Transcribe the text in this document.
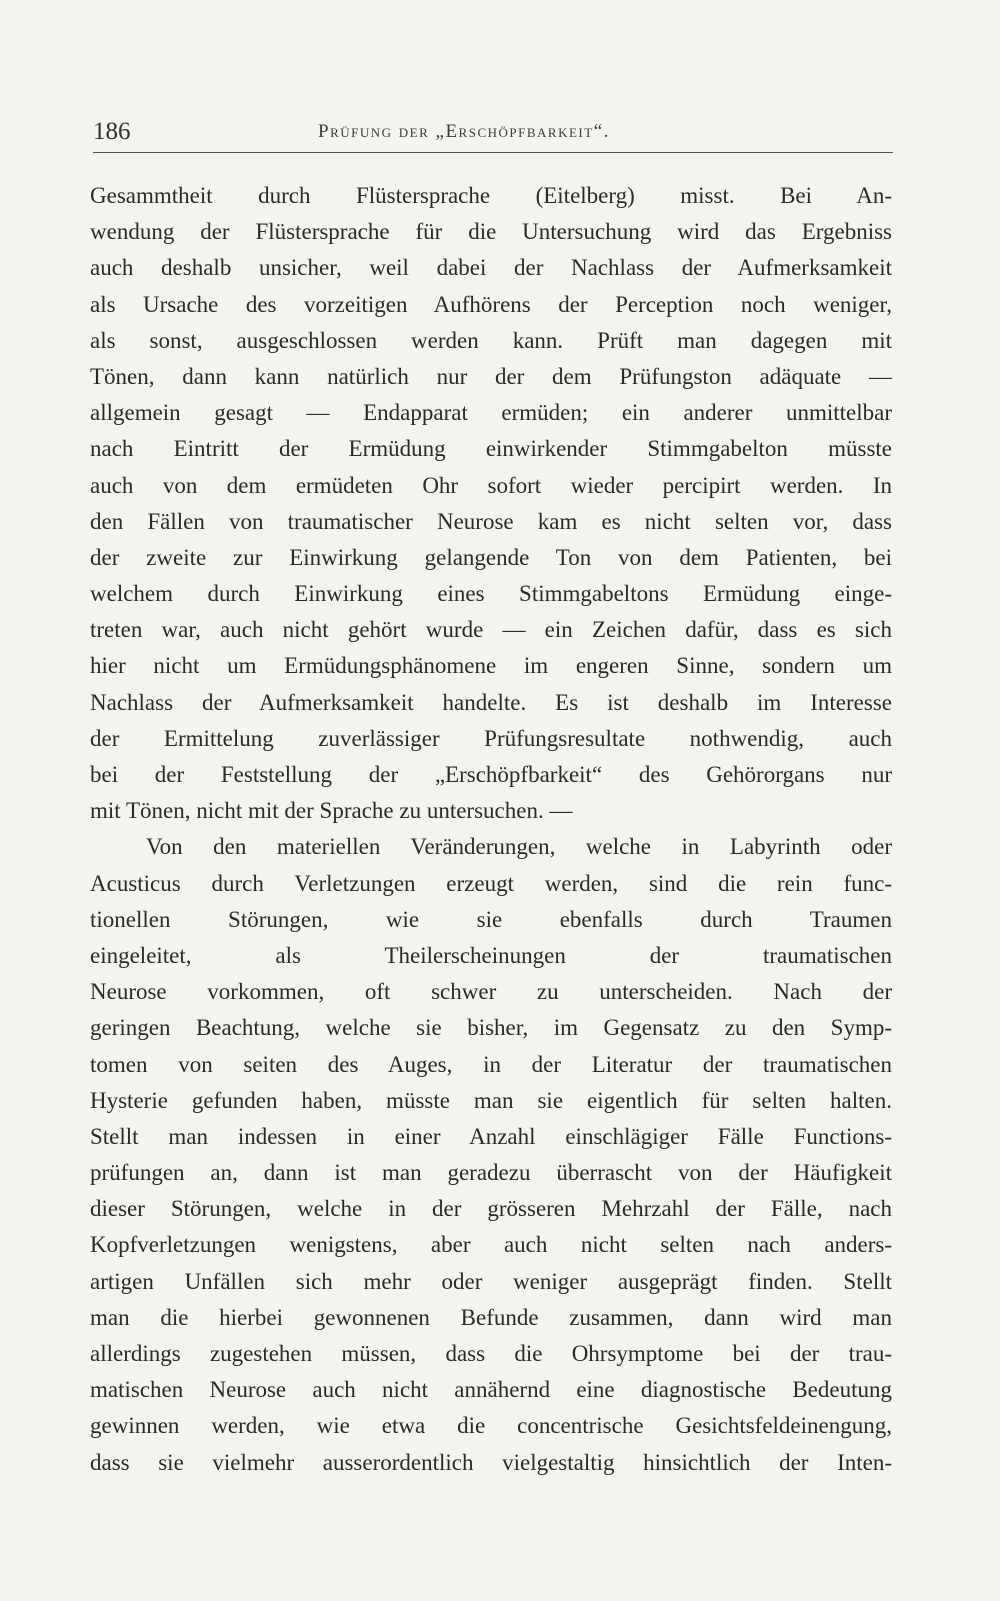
186	Prüfung der „Erschöpfbarkeit“.
Gesammtheit durch Flüstersprache (Eitelberg) misst. Bei An-
wendung der Flüstersprache für die Untersuchung wird das Ergebniss
auch deshalb unsicher, weil dabei der Nachlass der Aufmerksamkeit
als Ursache des vorzeitigen Aufhörens der Perception noch weniger,
als sonst, ausgeschlossen werden kann. Prüft man dagegen mit
Tönen, dann kann natürlich nur der dem Prüfungston adäquate —
allgemein gesagt — Endapparat ermüden; ein anderer unmittelbar
nach Eintritt der Ermüdung einwirkender Stimmgabelton müsste
auch von dem ermüdeten Ohr sofort wieder percipirt werden. In
den Fällen von traumatischer Neurose kam es nicht selten vor, dass
der zweite zur Einwirkung gelangende Ton von dem Patienten, bei
welchem durch Einwirkung eines Stimmgabeltons Ermüdung einge-
treten war, auch nicht gehört wurde — ein Zeichen dafür, dass es sich
hier nicht um Ermüdungsphänomene im engeren Sinne, sondern um
Nachlass der Aufmerksamkeit handelte. Es ist deshalb im Interesse
der Ermittelung zuverlässiger Prüfungsresultate nothwendig, auch
bei der Feststellung der „Erschöpfbarkeit“ des Gehörorgans nur
mit Tönen, nicht mit der Sprache zu untersuchen. —
Von den materiellen Veränderungen, welche in Labyrinth oder
Acusticus durch Verletzungen erzeugt werden, sind die rein func-
tionellen Störungen, wie sie ebenfalls durch Traumen
eingeleitet, als Theilerscheinungen der traumatischen
Neurose vorkommen, oft schwer zu unterscheiden. Nach der
geringen Beachtung, welche sie bisher, im Gegensatz zu den Symp-
tomen von seiten des Auges, in der Literatur der traumatischen
Hysterie gefunden haben, müsste man sie eigentlich für selten halten.
Stellt man indessen in einer Anzahl einschlägiger Fälle Functions-
prüfungen an, dann ist man geradezu überrascht von der Häufigkeit
dieser Störungen, welche in der grösseren Mehrzahl der Fälle, nach
Kopfverletzungen wenigstens, aber auch nicht selten nach anders-
artigen Unfällen sich mehr oder weniger ausgeprägt finden. Stellt
man die hierbei gewonnenen Befunde zusammen, dann wird man
allerdings zugestehen müssen, dass die Ohrsymptome bei der trau-
matischen Neurose auch nicht annähernd eine diagnostische Bedeutung
gewinnen werden, wie etwa die concentrische Gesichtsfeldeinengung,
dass sie vielmehr ausserordentlich vielgestaltig hinsichtlich der Inten-
